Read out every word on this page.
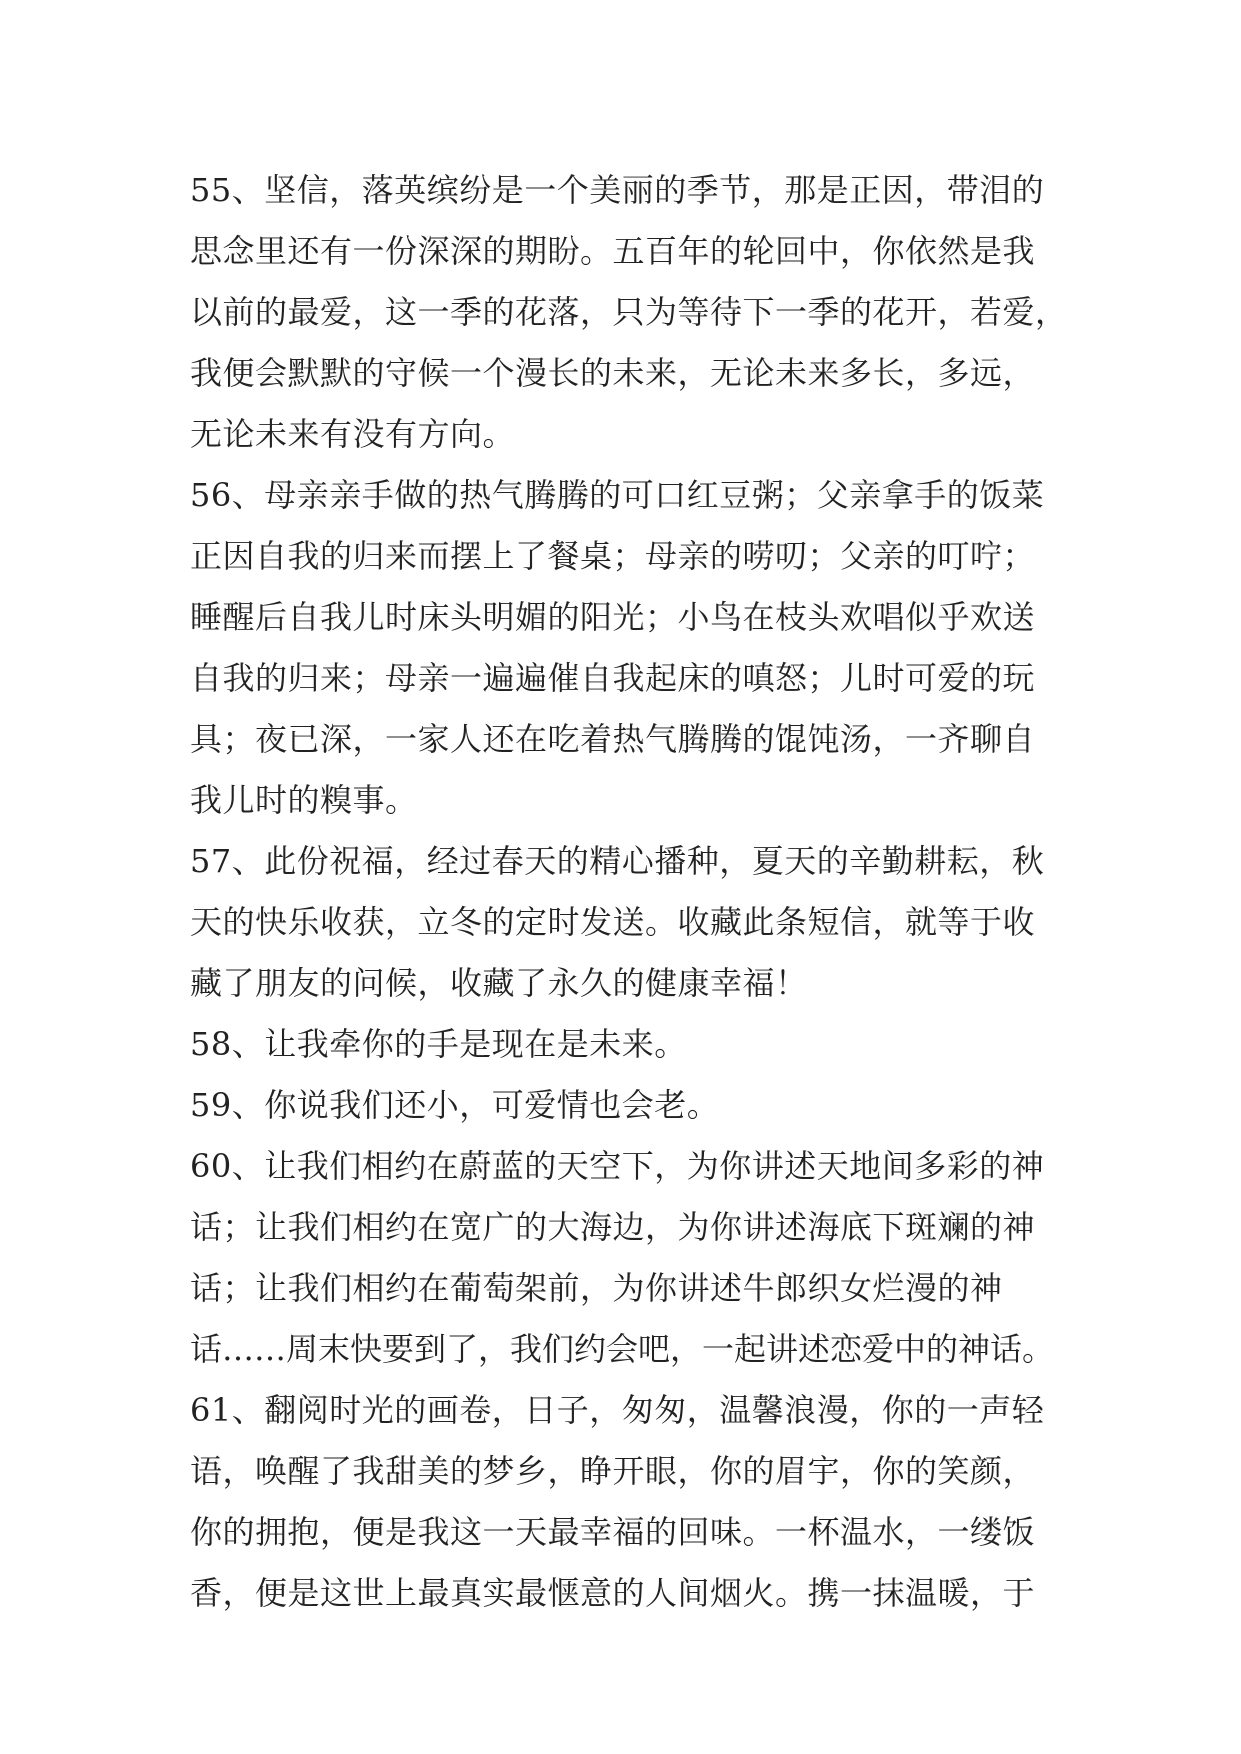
55、坚信，落英缤纷是一个美丽的季节，那是正因，带泪的
思念里还有一份深深的期盼。五百年的轮回中，你依然是我
以前的最爱，这一季的花落，只为等待下一季的花开，若爱，
我便会默默的守候一个漫长的未来，无论未来多长，多远，
无论未来有没有方向。
56、母亲亲手做的热气腾腾的可口红豆粥；父亲拿手的饭菜
正因自我的归来而摆上了餐桌；母亲的唠叨；父亲的叮咛；
睡醒后自我儿时床头明媚的阳光；小鸟在枝头欢唱似乎欢送
自我的归来；母亲一遍遍催自我起床的嗔怒；儿时可爱的玩
具；夜已深，一家人还在吃着热气腾腾的馄饨汤，一齐聊自
我儿时的糗事。
57、此份祝福，经过春天的精心播种，夏天的辛勤耕耘，秋
天的快乐收获，立冬的定时发送。收藏此条短信，就等于收
藏了朋友的问候，收藏了永久的健康幸福！
58、让我牵你的手是现在是未来。
59、你说我们还小，可爱情也会老。
60、让我们相约在蔚蓝的天空下，为你讲述天地间多彩的神
话；让我们相约在宽广的大海边，为你讲述海底下斑斓的神
话；让我们相约在葡萄架前，为你讲述牛郎织女烂漫的神
话……周末快要到了，我们约会吧，一起讲述恋爱中的神话。
61、翻阅时光的画卷，日子，匆匆，温馨浪漫，你的一声轻
语，唤醒了我甜美的梦乡，睁开眼，你的眉宇，你的笑颜，
你的拥抱，便是我这一天最幸福的回味。一杯温水，一缕饭
香，便是这世上最真实最惬意的人间烟火。携一抹温暖，于
